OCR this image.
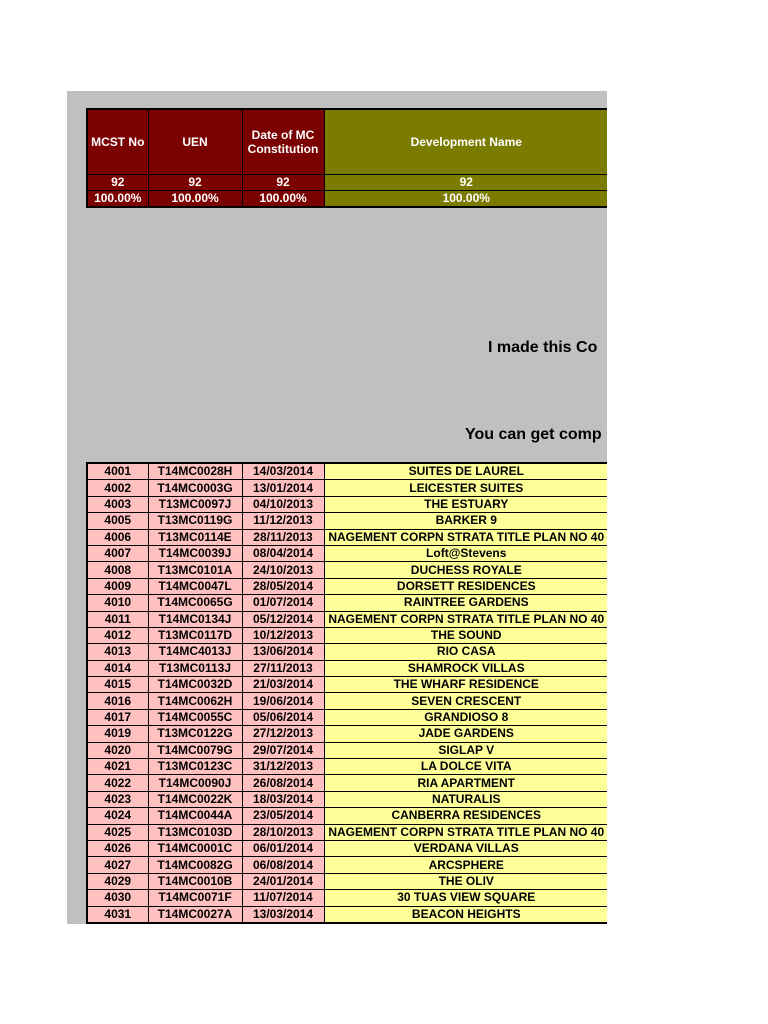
MCST No	UEN	Date of MC Constitution	Development Name
92	92	92	92
100.00%	100.00%	100.00%	100.00%
I made this Co
You can get comp
4001	T14MC0028H	14/03/2014	SUITES DE LAUREL
4002	T14MC0003G	13/01/2014	LEICESTER SUITES
4003	T13MC0097J	04/10/2013	THE ESTUARY
4005	T13MC0119G	11/12/2013	BARKER 9
4006	T13MC0114E	28/11/2013	NAGEMENT CORPN STRATA TITLE PLAN NO 40
4007	T14MC0039J	08/04/2014	Loft@Stevens
4008	T13MC0101A	24/10/2013	DUCHESS ROYALE
4009	T14MC0047L	28/05/2014	DORSETT RESIDENCES
4010	T14MC0065G	01/07/2014	RAINTREE GARDENS
4011	T14MC0134J	05/12/2014	NAGEMENT CORPN STRATA TITLE PLAN NO 40
4012	T13MC0117D	10/12/2013	THE SOUND
4013	T14MC4013J	13/06/2014	RIO CASA
4014	T13MC0113J	27/11/2013	SHAMROCK VILLAS
4015	T14MC0032D	21/03/2014	THE WHARF RESIDENCE
4016	T14MC0062H	19/06/2014	SEVEN CRESCENT
4017	T14MC0055C	05/06/2014	GRANDIOSO 8
4019	T13MC0122G	27/12/2013	JADE GARDENS
4020	T14MC0079G	29/07/2014	SIGLAP V
4021	T13MC0123C	31/12/2013	LA DOLCE VITA
4022	T14MC0090J	26/08/2014	RIA APARTMENT
4023	T14MC0022K	18/03/2014	NATURALIS
4024	T14MC0044A	23/05/2014	CANBERRA RESIDENCES
4025	T13MC0103D	28/10/2013	NAGEMENT CORPN STRATA TITLE PLAN NO 40
4026	T14MC0001C	06/01/2014	VERDANA VILLAS
4027	T14MC0082G	06/08/2014	ARCSPHERE
4029	T14MC0010B	24/01/2014	THE OLIV
4030	T14MC0071F	11/07/2014	30 TUAS VIEW SQUARE
4031	T14MC0027A	13/03/2014	BEACON HEIGHTS
